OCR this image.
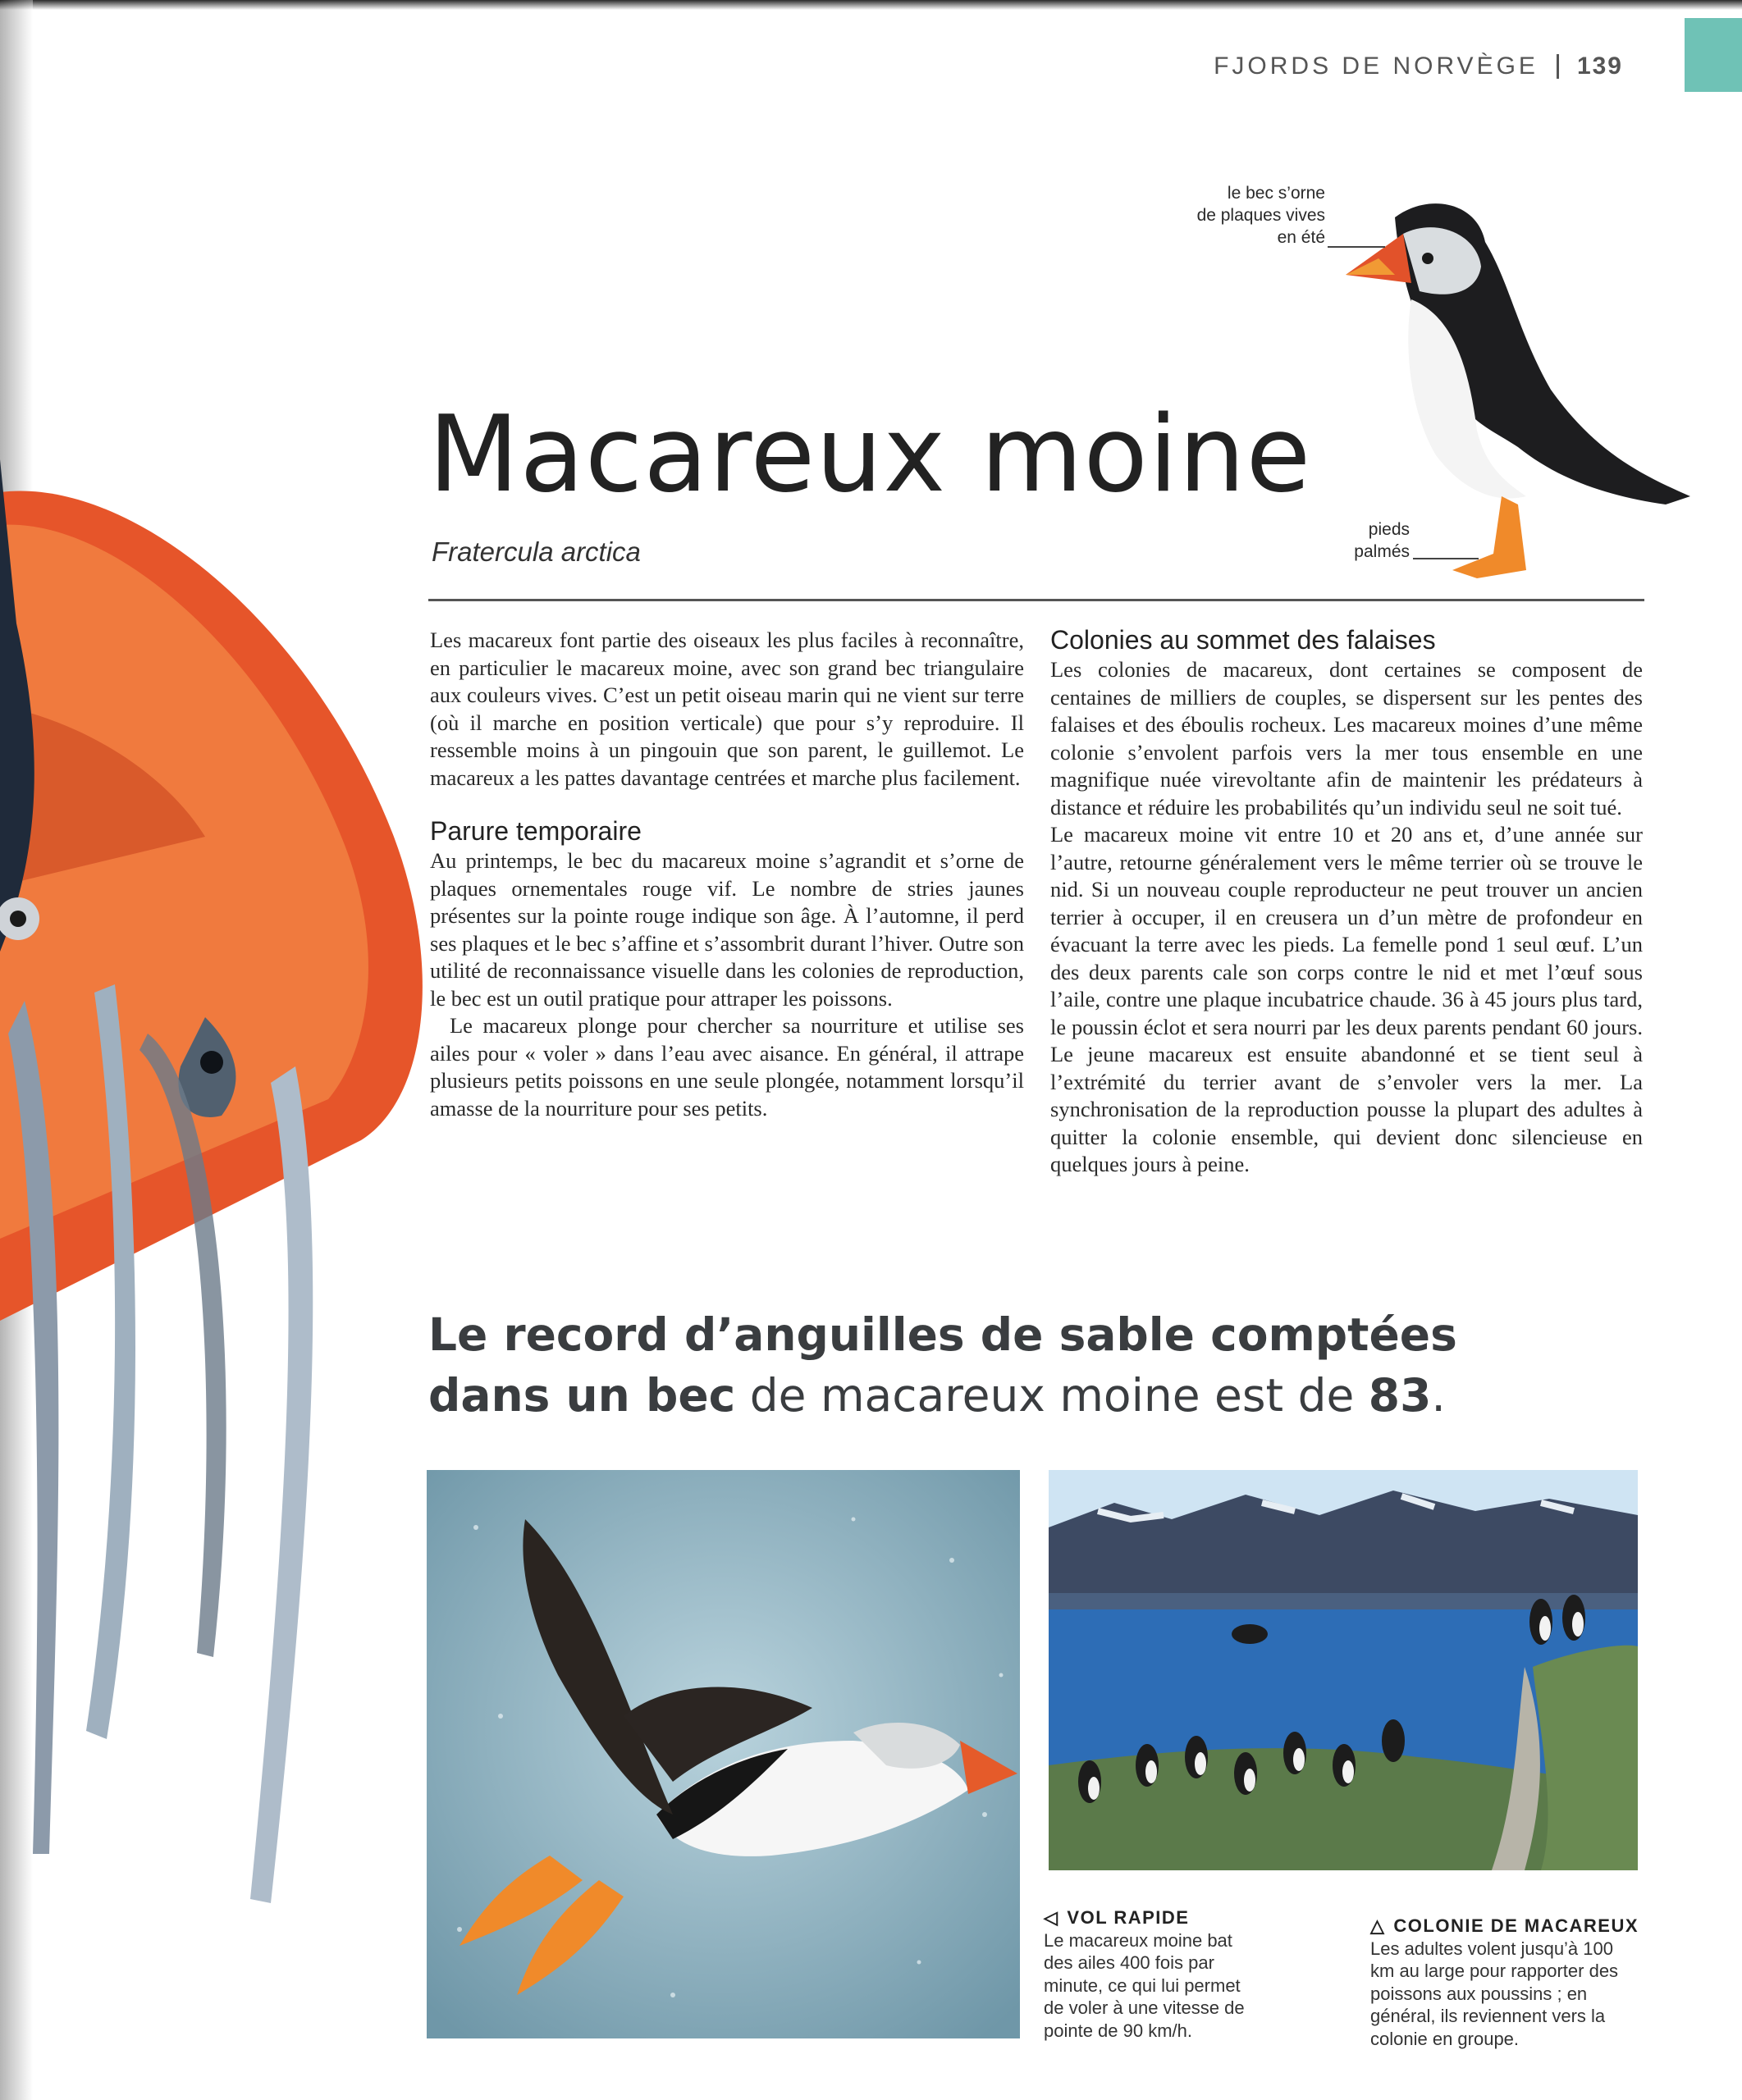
FJORDS DE NORVÈGE 139
le bec s’orne
de plaques vives
en été
pieds
palmés
Macareux moine
Fratercula arctica

Les macareux font partie des oiseaux les plus faciles à reconnaître, en particulier le macareux moine, avec son grand bec triangulaire aux couleurs vives. C’est un petit oiseau marin qui ne vient sur terre (où il marche en position verticale) que pour s’y reproduire. Il ressemble moins à un pingouin que son parent, le guillemot. Le macareux a les pattes davantage centrées et marche plus facilement.

Parure temporaire

Au printemps, le bec du macareux moine s’agrandit et s’orne de plaques ornementales rouge vif. Le nombre de stries jaunes présentes sur la pointe rouge indique son âge. À l’automne, il perd ses plaques et le bec s’affine et s’assombrit durant l’hiver. Outre son utilité de reconnaissance visuelle dans les colonies de reproduction, le bec est un outil pratique pour attraper les poissons.

Le macareux plonge pour chercher sa nourriture et utilise ses ailes pour « voler » dans l’eau avec aisance. En général, il attrape plusieurs petits poissons en une seule plongée, notamment lorsqu’il amasse de la nourriture pour ses petits.

Colonies au sommet des falaises

Les colonies de macareux, dont certaines se composent de centaines de milliers de couples, se dispersent sur les pentes des falaises et des éboulis rocheux. Les macareux moines d’une même colonie s’envolent parfois vers la mer tous ensemble en une magnifique nuée virevoltante afin de maintenir les prédateurs à distance et réduire les probabilités qu’un individu seul ne soit tué.

Le macareux moine vit entre 10 et 20 ans et, d’une année sur l’autre, retourne généralement vers le même terrier où se trouve le nid. Si un nouveau couple reproducteur ne peut trouver un ancien terrier à occuper, il en creusera un d’un mètre de profondeur en évacuant la terre avec les pieds. La femelle pond 1 seul œuf. L’un des deux parents cale son corps contre le nid et met l’œuf sous l’aile, contre une plaque incubatrice chaude. 36 à 45 jours plus tard, le poussin éclot et sera nourri par les deux parents pendant 60 jours. Le jeune macareux est ensuite abandonné et se tient seul à l’extrémité du terrier avant de s’envoler vers la mer. La synchronisation de la reproduction pousse la plupart des adultes à quitter la colonie ensemble, qui devient donc silencieuse en quelques jours à peine.

Le record d’anguilles de sable comptées
dans un bec de macareux moine est de 83.
◁ VOL RAPIDE
Le macareux moine bat des ailes 400 fois par minute, ce qui lui permet de voler à une vitesse de pointe de 90 km/h.
△ COLONIE DE MACAREUX
Les adultes volent jusqu’à 100 km au large pour rapporter des poissons aux poussins ; en général, ils reviennent vers la colonie en groupe.
